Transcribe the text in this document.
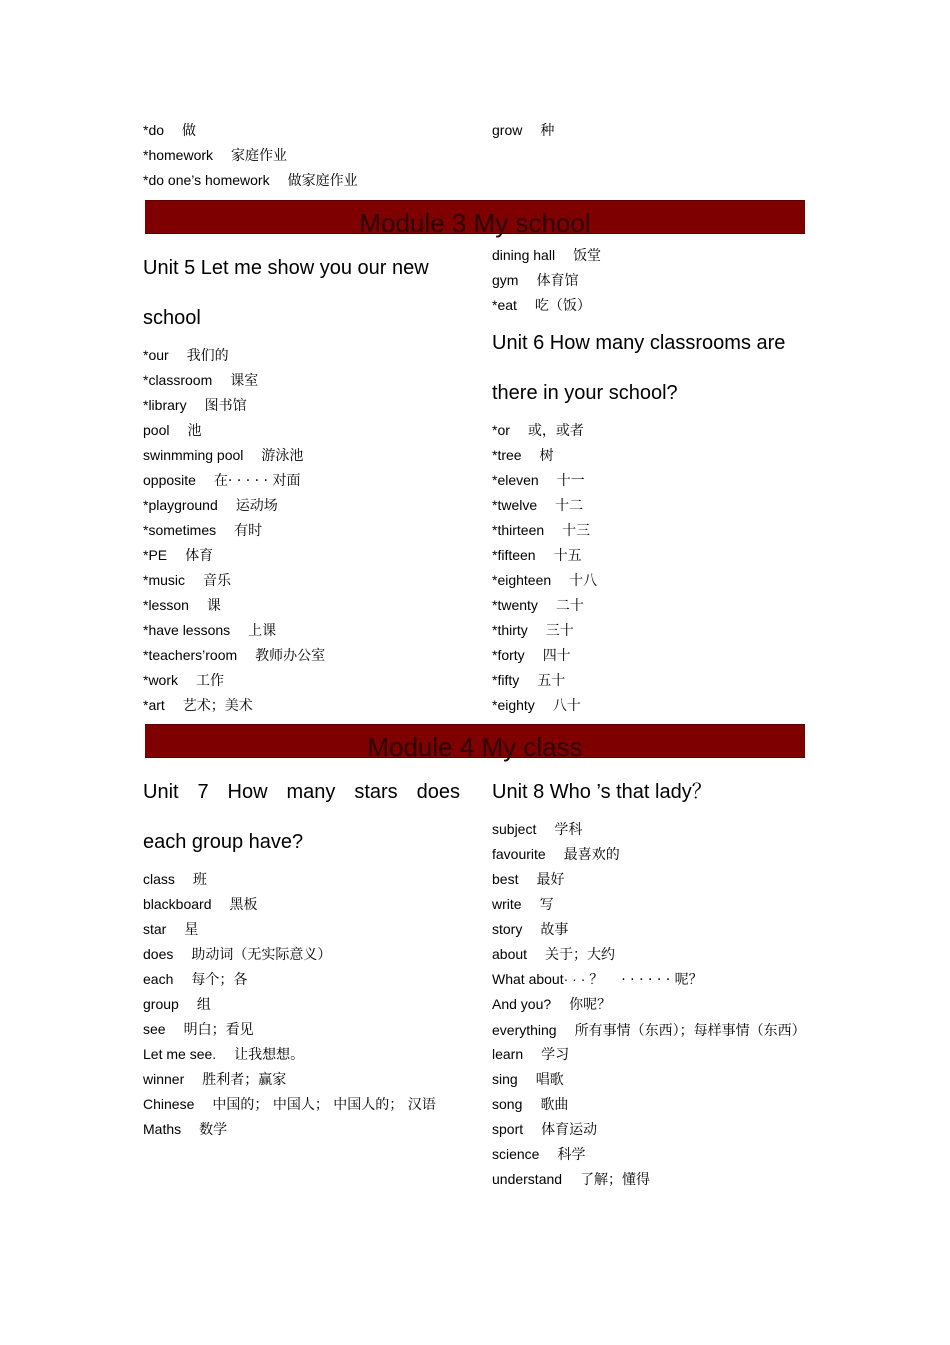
*do 做
*homework 家庭作业
*do one’s homework 做家庭作业
grow 种
Module 3 My school
Unit 5 Let me show you our new
school
*our 我们的
*classroom 课室
*library 图书馆
pool 池
swinmming pool 游泳池
opposite 在· · · · · 对面
*playground 运动场
*sometimes 有时
*PE 体育
*music 音乐
*lesson 课
*have lessons 上课
*teachers’room 教师办公室
*work 工作
*art 艺术；美术
dining hall 饭堂
gym 体育馆
*eat 吃（饭）
Unit 6 How many classrooms are
there in your school?
*or 或，或者
*tree 树
*eleven 十一
*twelve 十二
*thirteen 十三
*fifteen 十五
*eighteen 十八
*twenty 二十
*thirty 三十
*forty 四十
*fifty 五十
*eighty 八十
Module 4 My class
Unit 7 How many stars does
each group have?
class 班
blackboard 黑板
star 星
does 助动词（无实际意义）
each 每个；各
group 组
see 明白；看见
Let me see. 让我想想。
winner 胜利者；赢家
Chinese 中国的； 中国人； 中国人的； 汉语
Maths 数学
Unit 8 Who ’s that lady？
subject 学科
favourite 最喜欢的
best 最好
write 写
story 故事
about 关于；大约
What about· · · ？ · · · · · · 呢？
And you? 你呢？
everything 所有事情（东西）；每样事情（东西）
learn 学习
sing 唱歌
song 歌曲
sport 体育运动
science 科学
understand 了解；懂得
